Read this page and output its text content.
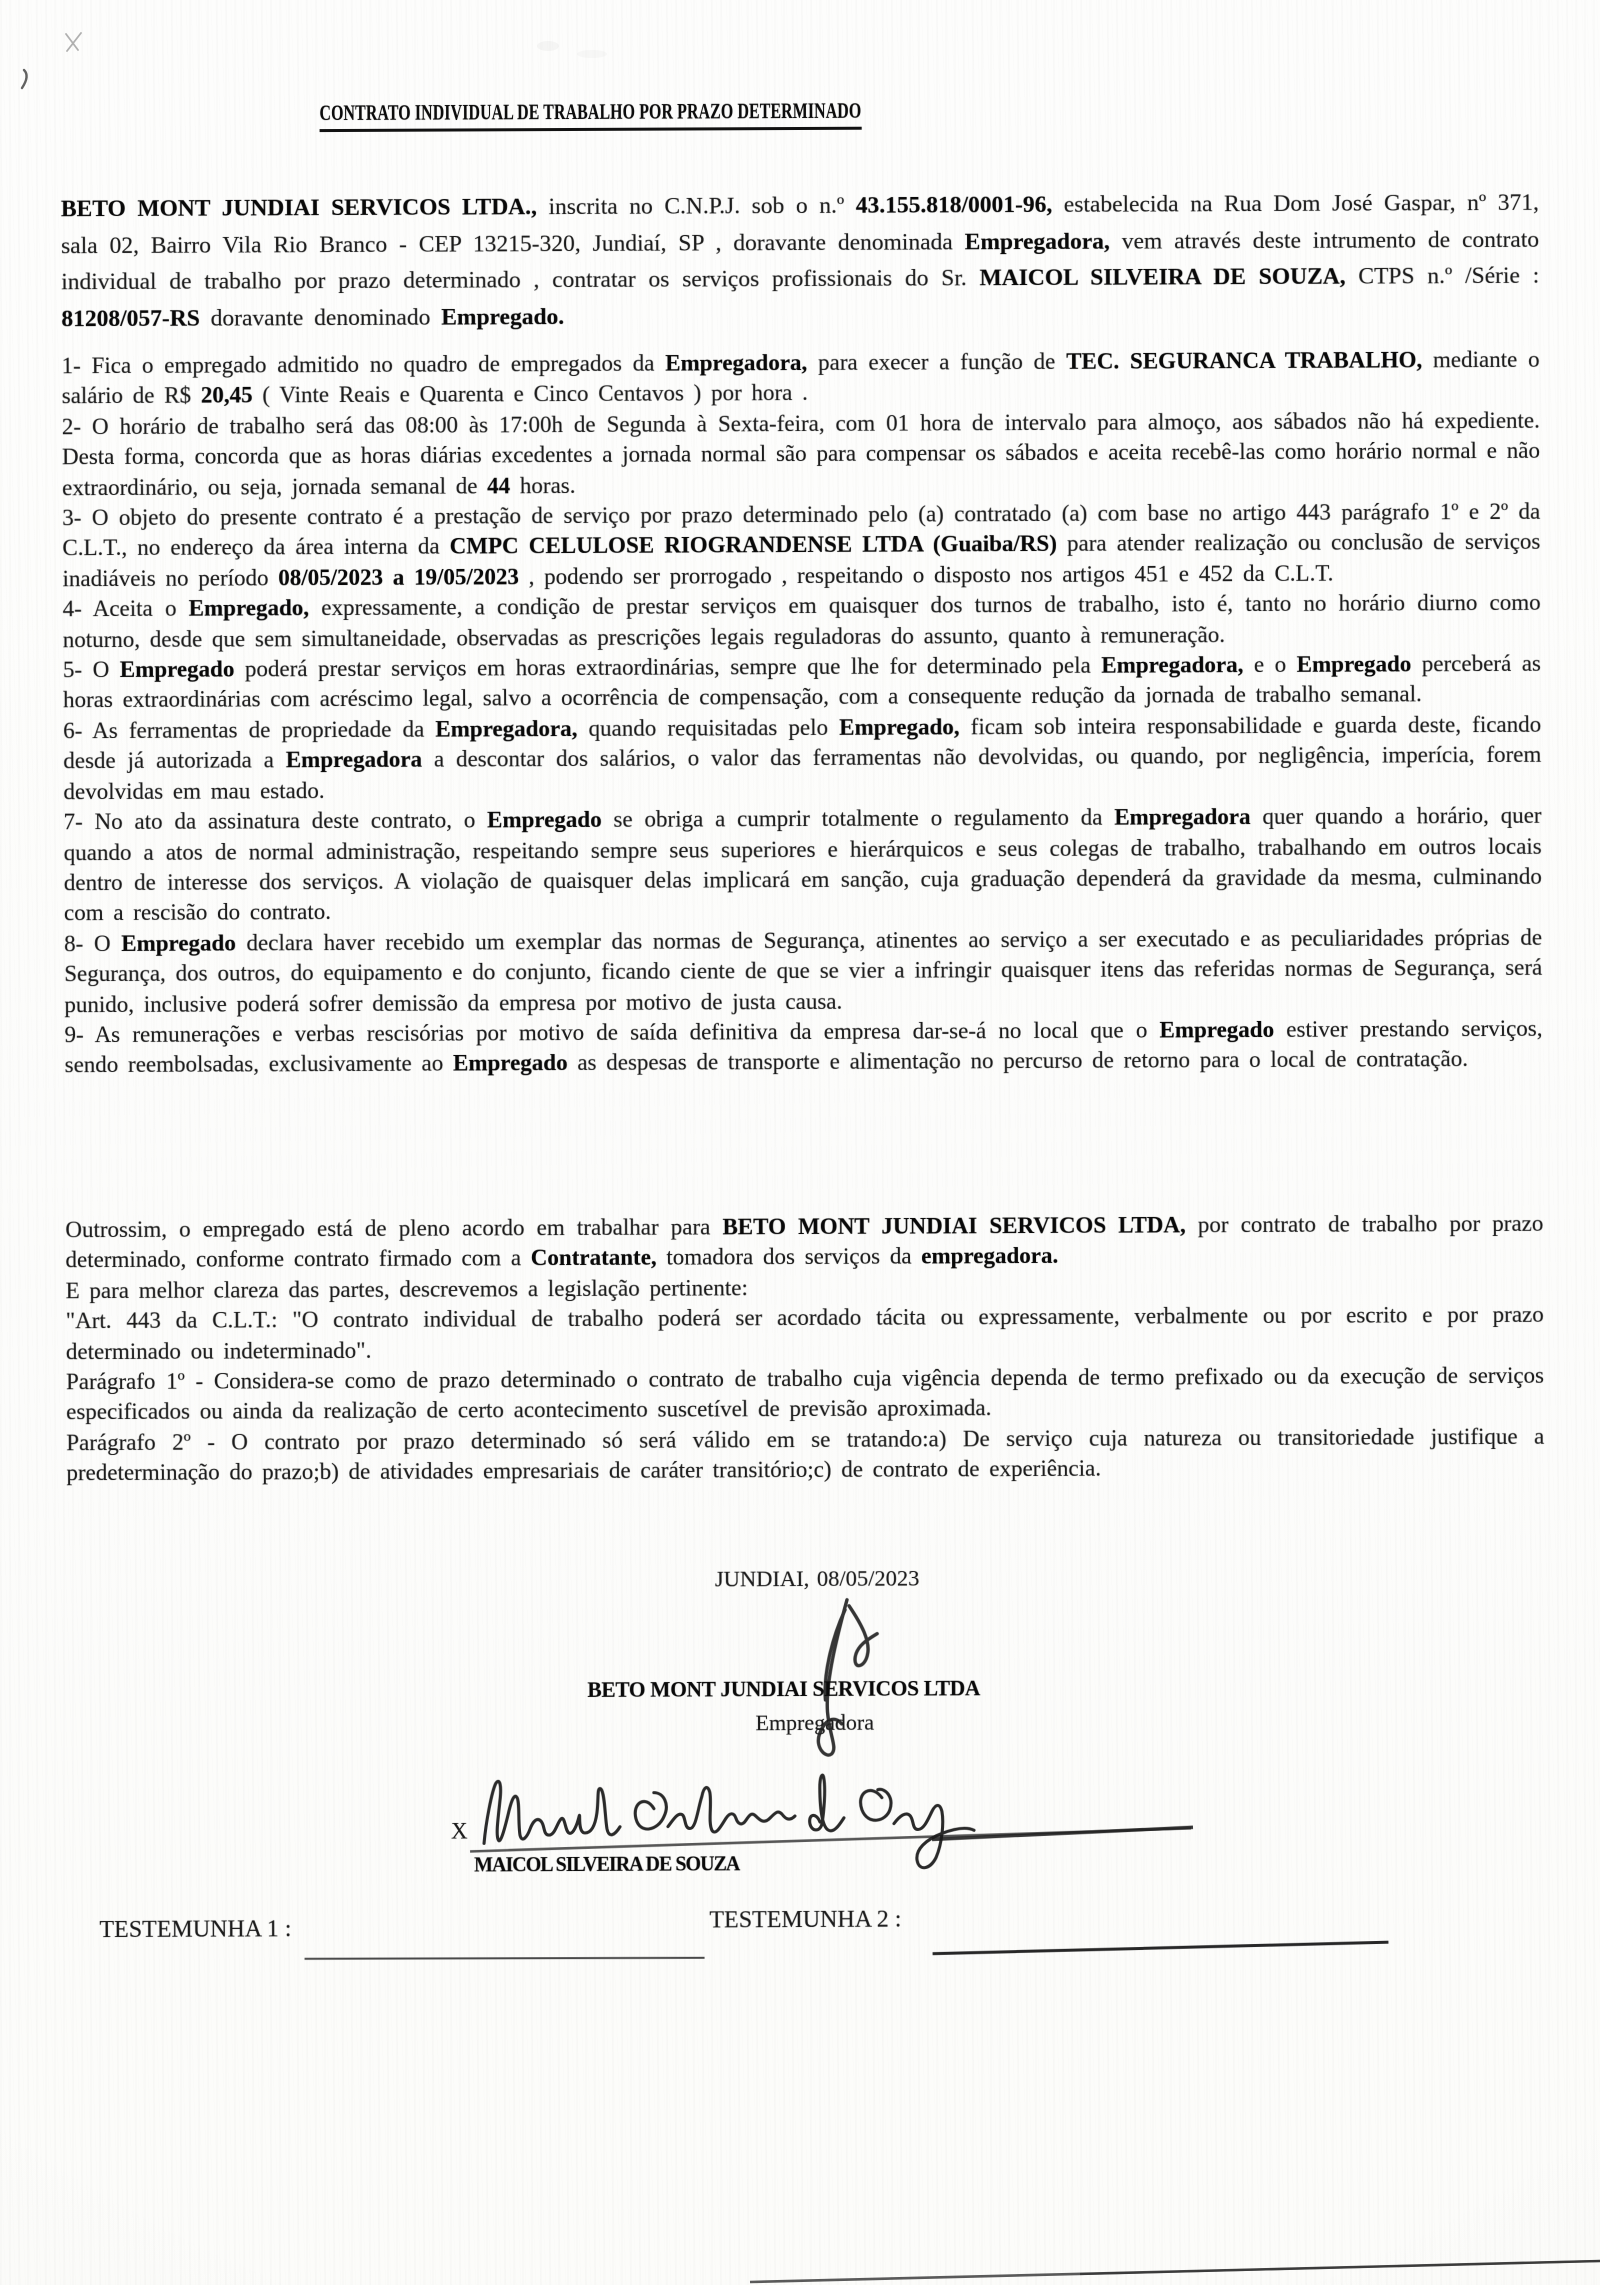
CONTRATO INDIVIDUAL DE TRABALHO POR PRAZO DETERMINADO
BETO MONT JUNDIAI SERVICOS LTDA., inscrita no C.N.P.J. sob o n.º 43.155.818/0001-96, estabelecida na Rua Dom José Gaspar, nº 371, sala 02, Bairro Vila Rio Branco - CEP 13215-320, Jundiaí, SP , doravante denominada Empregadora, vem através deste intrumento de contrato individual de trabalho por prazo determinado , contratar os serviços profissionais do Sr. MAICOL SILVEIRA DE SOUZA, CTPS n.º /Série : 81208/057-RS doravante denominado Empregado.

1- Fica o empregado admitido no quadro de empregados da Empregadora, para execer a função de TEC. SEGURANCA TRABALHO, mediante o salário de R$ 20,45 ( Vinte Reais e Quarenta e Cinco Centavos ) por hora .

2- O horário de trabalho será das 08:00 às 17:00h de Segunda à Sexta-feira, com 01 hora de intervalo para almoço, aos sábados não há expediente. Desta forma, concorda que as horas diárias excedentes a jornada normal são para compensar os sábados e aceita recebê-las como horário normal e não extraordinário, ou seja, jornada semanal de 44 horas.

3- O objeto do presente contrato é a prestação de serviço por prazo determinado pelo (a) contratado (a) com base no artigo 443 parágrafo 1º e 2º da C.L.T., no endereço da área interna da CMPC CELULOSE RIOGRANDENSE LTDA (Guaiba/RS) para atender realização ou conclusão de serviços inadiáveis no período 08/05/2023 a 19/05/2023 , podendo ser prorrogado , respeitando o disposto nos artigos 451 e 452 da C.L.T.

4- Aceita o Empregado, expressamente, a condição de prestar serviços em quaisquer dos turnos de trabalho, isto é, tanto no horário diurno como noturno, desde que sem simultaneidade, observadas as prescrições legais reguladoras do assunto, quanto à remuneração.

5- O Empregado poderá prestar serviços em horas extraordinárias, sempre que lhe for determinado pela Empregadora, e o Empregado perceberá as horas extraordinárias com acréscimo legal, salvo a ocorrência de compensação, com a consequente redução da jornada de trabalho semanal.

6- As ferramentas de propriedade da Empregadora, quando requisitadas pelo Empregado, ficam sob inteira responsabilidade e guarda deste, ficando desde já autorizada a Empregadora a descontar dos salários, o valor das ferramentas não devolvidas, ou quando, por negligência, imperícia, forem devolvidas em mau estado.

7- No ato da assinatura deste contrato, o Empregado se obriga a cumprir totalmente o regulamento da Empregadora quer quando a horário, quer quando a atos de normal administração, respeitando sempre seus superiores e hierárquicos e seus colegas de trabalho, trabalhando em outros locais dentro de interesse dos serviços. A violação de quaisquer delas implicará em sanção, cuja graduação dependerá da gravidade da mesma, culminando com a rescisão do contrato.

8- O Empregado declara haver recebido um exemplar das normas de Segurança, atinentes ao serviço a ser executado e as peculiaridades próprias de Segurança, dos outros, do equipamento e do conjunto, ficando ciente de que se vier a infringir quaisquer itens das referidas normas de Segurança, será punido, inclusive poderá sofrer demissão da empresa por motivo de justa causa.

9- As remunerações e verbas rescisórias por motivo de saída definitiva da empresa dar-se-á no local que o Empregado estiver prestando serviços, sendo reembolsadas, exclusivamente ao Empregado as despesas de transporte e alimentação no percurso de retorno para o local de contratação.

Outrossim, o empregado está de pleno acordo em trabalhar para BETO MONT JUNDIAI SERVICOS LTDA, por contrato de trabalho por prazo determinado, conforme contrato firmado com a Contratante, tomadora dos serviços da empregadora.

E para melhor clareza das partes, descrevemos a legislação pertinente:

"Art. 443 da C.L.T.: "O contrato individual de trabalho poderá ser acordado tácita ou expressamente, verbalmente ou por escrito e por prazo determinado ou indeterminado".

Parágrafo 1º - Considera-se como de prazo determinado o contrato de trabalho cuja vigência dependa de termo prefixado ou da execução de serviços especificados ou ainda da realização de certo acontecimento suscetível de previsão aproximada.

Parágrafo 2º - O contrato por prazo determinado só será válido em se tratando:a) De serviço cuja natureza ou transitoriedade justifique a predeterminação do prazo;b) de atividades empresariais de caráter transitório;c) de contrato de experiência.

JUNDIAI, 08/05/2023
BETO MONT JUNDIAI SERVICOS LTDA
Empregadora
X
MAICOL SILVEIRA DE SOUZA
TESTEMUNHA 1 :	TESTEMUNHA 2 :
